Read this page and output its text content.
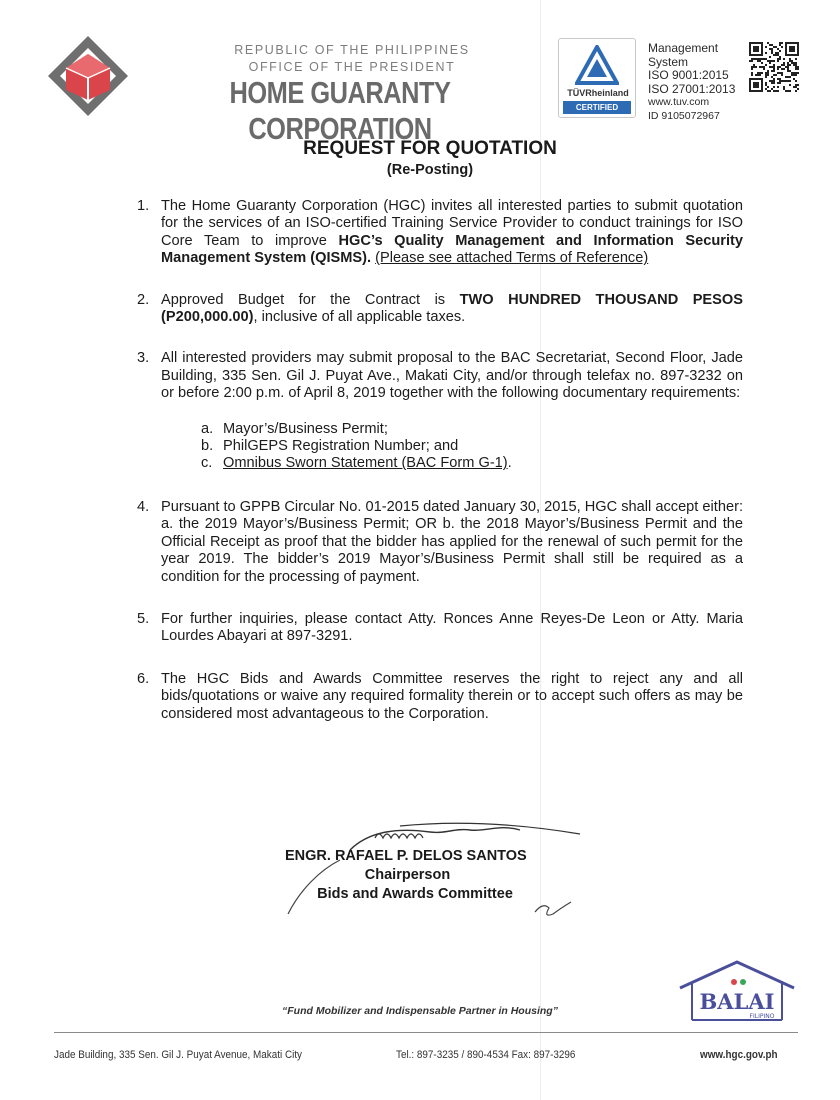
REPUBLIC OF THE PHILIPPINES
OFFICE OF THE PRESIDENT
HOME GUARANTY CORPORATION
TÜVRheinland
CERTIFIED
Management
System
ISO 9001:2015
ISO 27001:2013
www.tuv.com
ID 9105072967
REQUEST FOR QUOTATION
(Re-Posting)
1. The Home Guaranty Corporation (HGC) invites all interested parties to submit quotation for the services of an ISO-certified Training Service Provider to conduct trainings for ISO Core Team to improve HGC’s Quality Management and Information Security Management System (QISMS). (Please see attached Terms of Reference)
2. Approved Budget for the Contract is TWO HUNDRED THOUSAND PESOS (P200,000.00), inclusive of all applicable taxes.
3. All interested providers may submit proposal to the BAC Secretariat, Second Floor, Jade Building, 335 Sen. Gil J. Puyat Ave., Makati City, and/or through telefax no. 897-3232 on or before 2:00 p.m. of April 8, 2019 together with the following documentary requirements:
a. Mayor’s/Business Permit;
b. PhilGEPS Registration Number; and
c. Omnibus Sworn Statement (BAC Form G-1).
4. Pursuant to GPPB Circular No. 01-2015 dated January 30, 2015, HGC shall accept either: a. the 2019 Mayor’s/Business Permit; OR b. the 2018 Mayor’s/Business Permit and the Official Receipt as proof that the bidder has applied for the renewal of such permit for the year 2019. The bidder’s 2019 Mayor’s/Business Permit shall still be required as a condition for the processing of payment.
5. For further inquiries, please contact Atty. Ronces Anne Reyes-De Leon or Atty. Maria Lourdes Abayari at 897-3291.
6. The HGC Bids and Awards Committee reserves the right to reject any and all bids/quotations or waive any required formality therein or to accept such offers as may be considered most advantageous to the Corporation.
ENGR. RAFAEL P. DELOS SANTOS
Chairperson
Bids and Awards Committee
BALAI
FILIPINO
“Fund Mobilizer and Indispensable Partner in Housing”
Jade Building, 335 Sen. Gil J. Puyat Avenue, Makati City	Tel.: 897-3235 / 890-4534 Fax: 897-3296	www.hgc.gov.ph
